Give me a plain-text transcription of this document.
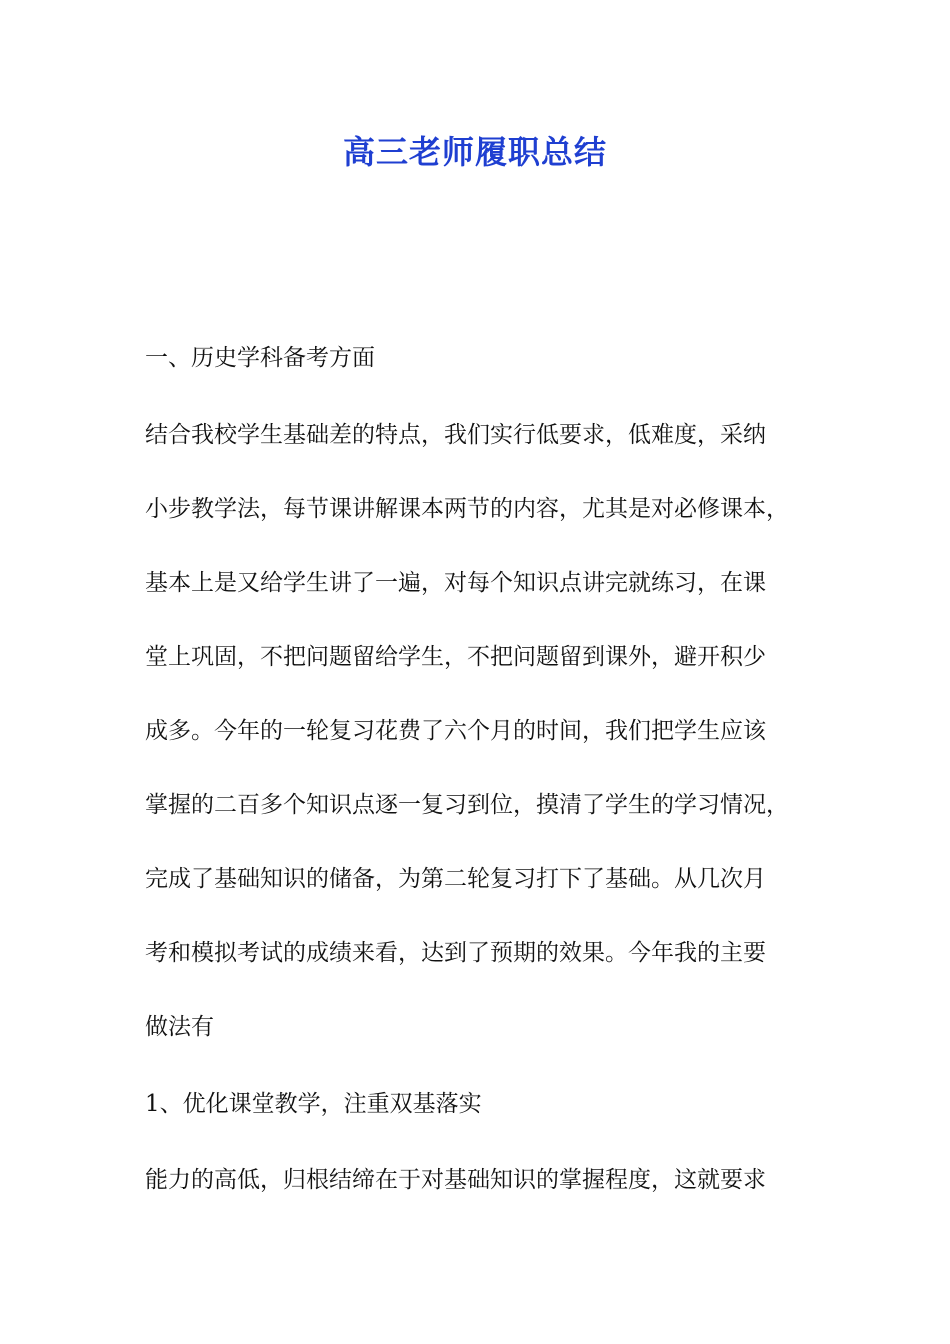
高三老师履职总结

一、历史学科备考方面

结合我校学生基础差的特点，我们实行低要求，低难度，采纳

小步教学法，每节课讲解课本两节的内容，尤其是对必修课本，

基本上是又给学生讲了一遍，对每个知识点讲完就练习，在课

堂上巩固，不把问题留给学生，不把问题留到课外，避开积少

成多。今年的一轮复习花费了六个月的时间，我们把学生应该

掌握的二百多个知识点逐一复习到位，摸清了学生的学习情况，

完成了基础知识的储备，为第二轮复习打下了基础。从几次月

考和模拟考试的成绩来看，达到了预期的效果。今年我的主要

做法有

1、优化课堂教学，注重双基落实

能力的高低，归根结缔在于对基础知识的掌握程度，这就要求
